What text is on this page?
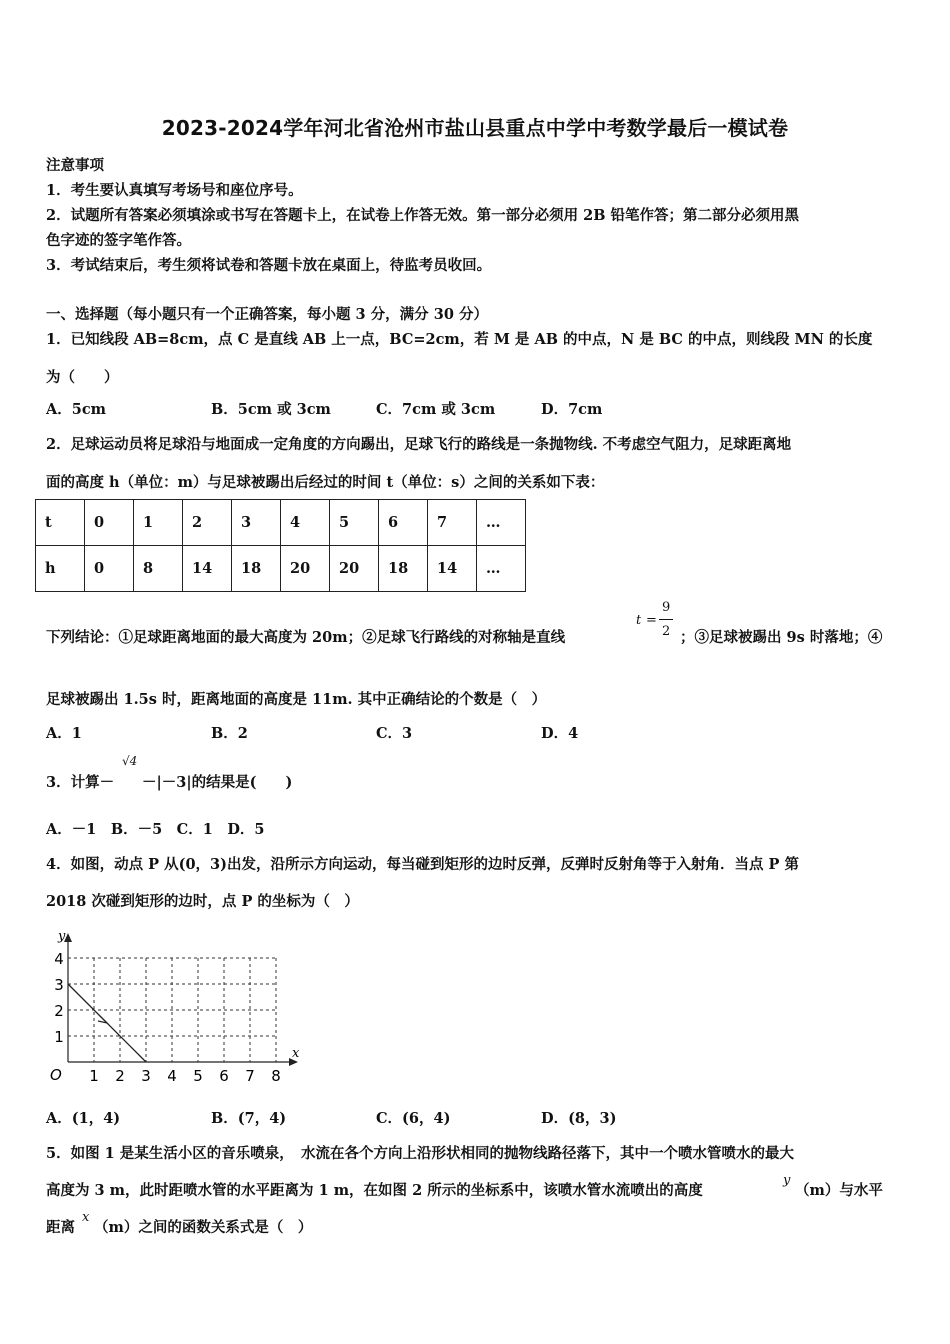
2023-2024学年河北省沧州市盐山县重点中学中考数学最后一模试卷
注意事项
1．考生要认真填写考场号和座位序号。
2．试题所有答案必须填涂或书写在答题卡上，在试卷上作答无效。第一部分必须用 2B 铅笔作答；第二部分必须用黑
色字迹的签字笔作答。
3．考试结束后，考生须将试卷和答题卡放在桌面上，待监考员收回。
一、选择题（每小题只有一个正确答案，每小题 3 分，满分 30 分）
1．已知线段 AB=8cm，点 C 是直线 AB 上一点，BC=2cm，若 M 是 AB 的中点，N 是 BC 的中点，则线段 MN 的长度
为（　　）
A．5cm	B．5cm 或 3cm	C．7cm 或 3cm	D．7cm
2．足球运动员将足球沿与地面成一定角度的方向踢出，足球飞行的路线是一条抛物线. 不考虑空气阻力，足球距离地
面的高度 h（单位：m）与足球被踢出后经过的时间 t（单位：s）之间的关系如下表：
t	0	1	2	3	4	5	6	7	…
h	0	8	14	18	20	20	18	14	…
下列结论：①足球距离地面的最大高度为 20m；②足球飞行路线的对称轴是直线
t =
9
2 ；③足球被踢出 9s 时落地；④
足球被踢出 1.5s 时，距离地面的高度是 11m. 其中正确结论的个数是（　）
A．1	B．2	C．3	D．4
3．计算－
√4
－|－3|的结果是(　　)
A．－1　B．－5　C．1　D．5
4．如图，动点 P 从(0，3)出发，沿所示方向运动，每当碰到矩形的边时反弹，反弹时反射角等于入射角．当点 P 第
2018 次碰到矩形的边时，点 P 的坐标为（　）
y
x
O 1 2 3 4 5 6 7 8
1
2
3
4
A．(1，4)	B．(7，4)	C．(6，4)	D．(8，3)
5．如图 1 是某生活小区的音乐喷泉，　水流在各个方向上沿形状相同的抛物线路径落下，其中一个喷水管喷水的最大
高度为 3 m，此时距喷水管的水平距离为 1 m，在如图 2 所示的坐标系中，该喷水管水流喷出的高度
y
（m）与水平
距离
x
（m）之间的函数关系式是（　）
